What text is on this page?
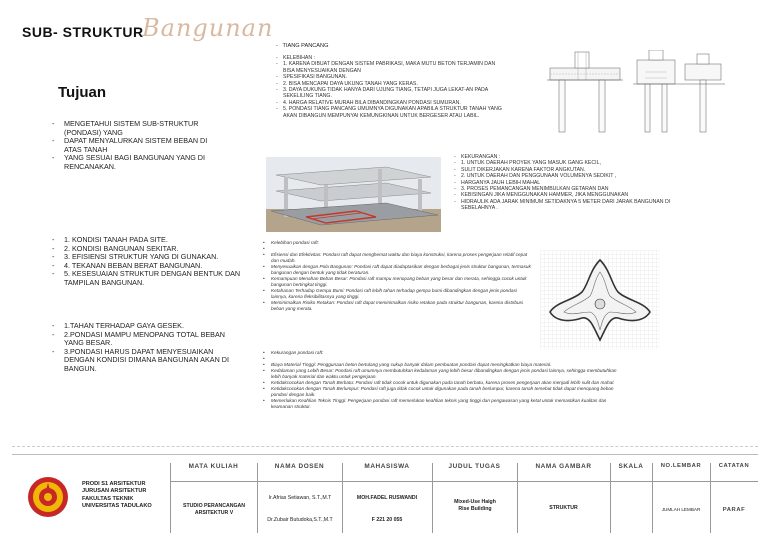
SUB- STRUKTUR
Bangunan
Tujuan
-	MENGETAHUI SISTEM SUB-STRUKTUR (PONDASI) YANG
-	DAPAT MENYALURKAN SISTEM BEBAN DI ATAS TANAH
-	YANG SESUAI BAGI BANGUNAN YANG DI RENCANAKAN.
-	1. KONDISI TANAH PADA SITE.
-	2. KONDISI BANGUNAN SEKITAR.
-	3. EFISIENSI STRUKTUR YANG DI GUNAKAN.
-	4. TEKANAN BEBAN BERAT BANGUNAN.
-	5. KESESUAIAN STRUKTUR DENGAN BENTUK DAN TAMPILAN BANGUNAN.
-	1.TAHAN TERHADAP GAYA GESEK.
-	2.PONDASI MAMPU MENOPANG TOTAL BEBAN YANG BESAR.
-	3.PONDASI HARUS DAPAT MENYESUAIKAN DENGAN KONDISI DIMANA BANGUNAN AKAN DI BANGUN.
-   TIANG PANCANG
-	KELEBIHAN :
-	1. KARENA DIBUAT DENGAN SISTEM PABRIKASI, MAKA MUTU BETON TERJAMIN DAN BISA MENYESUAIKAN DENGAN
-	SPESIFIKASI BANGUNAN.
-	2. BISA MENCAPAI DAYA UKUNG TANAH YANG KERAS.
-	3. DAYA DUKUNG TIDAK HANYA DARI UJUNG TIANG, TETAPI JUGA LEKAT-AN PADA SEKELILING TIANG.
-	4. HARGA RELATIVE MURAH BILA DIBANDINGKAN PONDASI SUMURAN.
-	5. PONDASI TIANG PANCANG UMUMNYA DIGUNAKAN APABILA STRUKTUR TANAH YANG AKAN DIBANGUN MEMPUNYAI KEMUNGKINAN UNTUK BERGESER ATAU LABIL.
-	KEKURANGAN :
-	1. UNTUK DAERAH PROYEK YANG MASUK GANG KECIL,
-	SULIT DIKERJAKAN KARENA FAKTOR ANGKUTAN.
-	2. UNTUK DAERAH DAN PENGGUNAAN VOLUMENYA SEDIKIT ,
-	HARGANYA JAUH LEBIH MAHAL
-	3. PROSES PEMANCANGAN MENIMBULKAN GETARAN DAN
-	KEBISINGAN JIKA MENGGUNAKAN HAMMER, JIKA MENGGUNAKAN
-	HIDRAULIK ADA JARAK MINIMUM SETIDAKNYA 5 METER DARI JARAK BANGUNAN DI SEBELAHNYA .
•	Kelebihan pondasi raft:
•
•	Efisiensi dan Efektivitas: Pondasi raft dapat menghemat waktu dan biaya konstruksi, karena proses pengerjaan relatif cepat dan mudah.
•	Menyesuaikan dengan Pola Bangunan: Pondasi raft dapat diadaptasikan dengan berbagai jenis struktur bangunan, termasuk bangunan dengan bentuk yang tidak beraturan.
•	Kemampuan Menahan Beban Besar: Pondasi raft mampu menopang beban yang besar dan merata, sehingga cocok untuk bangunan bertingkat tinggi.
•	Ketahanan Terhadap Gempa Bumi: Pondasi raft lebih tahan terhadap gempa bumi dibandingkan dengan jenis pondasi lainnya, karena fleksibilitasnya yang tinggi.
•	Meminimalkan Risiko Retakan: Pondasi raft dapat meminimalkan risiko retakan pada struktur bangunan, karena distribusi beban yang merata.
•	Kekurangan pondasi raft:
•
•	Biaya Material Tinggi: Penggunaan beton bertulang yang cukup banyak dalam pembuatan pondasi dapat meningkatkan biaya material.
•	Kedalaman yang Lebih Besar: Pondasi raft umumnya membutuhkan kedalaman yang lebih besar dibandingkan dengan jenis pondasi lainnya, sehingga membutuhkan lebih banyak material dan waktu untuk pengerjaan.
•	Ketidakcocokan dengan Tanah Berbatu: Pondasi raft tidak cocok untuk digunakan pada tanah berbatu, karena proses pengerjaan akan menjadi lebih sulit dan mahal.
•	Ketidakcocokan dengan Tanah Berlumpur: Pondasi raft juga tidak cocok untuk digunakan pada tanah berlumpur, karena tanah tersebut tidak dapat menopang beban pondasi dengan baik.
•	Memerlukan Keahlian Teknis Tinggi: Pengerjaan pondasi raft memerlukan keahlian teknis yang tinggi dan pengawasan yang ketat untuk memastikan kualitas dan keamanan struktur.
PRODI S1 ARSITEKTUR
JURUSAN ARSITEKTUR
FAKULTAS TEKNIK
UNIVERSITAS TADULAKO
MATA KULIAH
STUDIO PERANCANGAN ARSITEKTUR V
NAMA DOSEN
Ir.Afrias Setiawan, S.T.,M.T
Dr.Zubair Butudoka,S.T.,M.T
MAHASISWA
MOH.FADEL RUSWANDI
F 221 20 055
JUDUL TUGAS
Mixed-Use Haigh Rise Building
NAMA GAMBAR
STRUKTUR
SKALA	NO.LEMBAR
JUMLAH LEMBAR
CATATAN
PARAF
